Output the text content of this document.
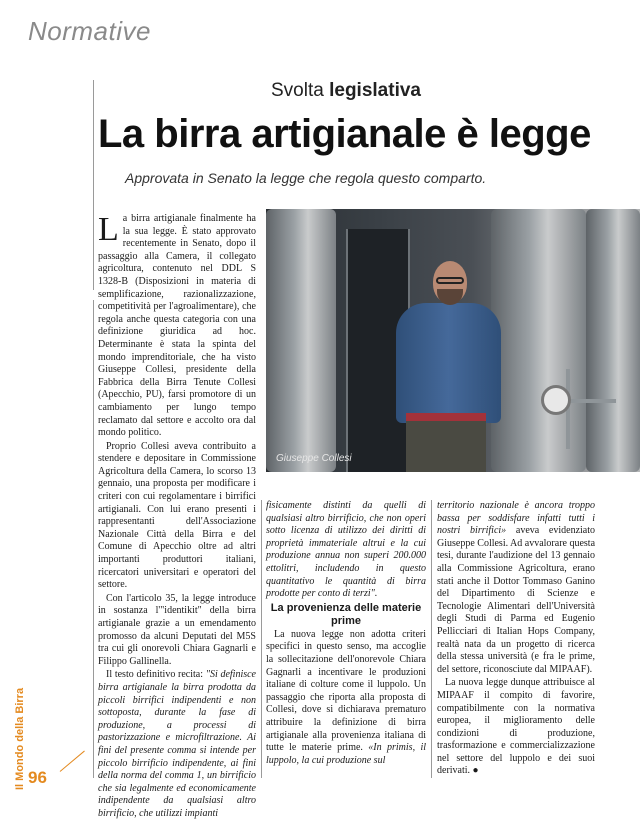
Normative
Svolta legislativa
La birra artigianale è legge
Approvata in Senato la legge che regola questo comparto.

La birra artigianale finalmente ha la sua legge. È stato approvato recentemente in Senato, dopo il passaggio alla Camera, il collegato agricoltura, contenuto nel DDL S 1328-B (Disposizioni in materia di semplificazione, razionalizzazione, competitività per l'agroalimentare), che regola anche questa categoria con una definizione giuridica ad hoc. Determinante è stata la spinta del mondo imprenditoriale, che ha visto Giuseppe Collesi, presidente della Fabbrica della Birra Tenute Collesi (Apecchio, PU), farsi promotore di un cambiamento per lungo tempo reclamato dal settore e accolto ora dal mondo politico.

Proprio Collesi aveva contribuito a stendere e depositare in Commissione Agricoltura della Camera, lo scorso 13 gennaio, una proposta per modificare i criteri con cui regolamentare i birrifici artigianali. Con lui erano presenti i rappresentanti dell'Associazione Nazionale Città della Birra e del Comune di Apecchio oltre ad altri importanti produttori italiani, ricercatori universitari e operatori del settore.

Con l'articolo 35, la legge introduce in sostanza l'"identikit" della birra artigianale grazie a un emendamento promosso da alcuni Deputati del M5S tra cui gli onorevoli Chiara Gagnarli e Filippo Gallinella.

Il testo definitivo recita: "Si definisce birra artigianale la birra prodotta da piccoli birrifici indipendenti e non sottoposta, durante la fase di produzione, a processi di pastorizzazione e microfiltrazione. Ai fini del presente comma si intende per piccolo birrificio indipendente, ai fini della norma del comma 1, un birrificio che sia legalmente ed economicamente indipendente da qualsiasi altro birrificio, che utilizzi impianti

Giuseppe Collesi

fisicamente distinti da quelli di qualsiasi altro birrificio, che non operi sotto licenza di utilizzo dei diritti di proprietà immateriale altrui e la cui produzione annua non superi 200.000 ettolitri, includendo in questo quantitativo le quantità di birra prodotte per conto di terzi".

La provenienza delle materie prime

La nuova legge non adotta criteri specifici in questo senso, ma accoglie la sollecitazione dell'onorevole Chiara Gagnarli a incentivare le produzioni italiane di colture come il luppolo. Un passaggio che riporta alla proposta di Collesi, dove si dichiarava prematuro attribuire la definizione di birra artigianale alla provenienza italiana di tutte le materie prime. «In primis, il luppolo, la cui produzione sul

territorio nazionale è ancora troppo bassa per soddisfare infatti tutti i nostri birrifici» aveva evidenziato Giuseppe Collesi. Ad avvalorare questa tesi, durante l'audizione del 13 gennaio alla Commissione Agricoltura, erano stati anche il Dottor Tommaso Ganino del Dipartimento di Scienze e Tecnologie Alimentari dell'Università degli Studi di Parma ed Eugenio Pellicciari di Italian Hops Company, realtà nata da un progetto di ricerca della stessa università (e fra le prime, del settore, riconosciute dal MIPAAF).

La nuova legge dunque attribuisce al MIPAAF il compito di favorire, compatibilmente con la normativa europea, il miglioramento delle condizioni di produzione, trasformazione e commercializzazione nel settore del luppolo e dei suoi derivati. ●

Il Mondo della Birra 96
